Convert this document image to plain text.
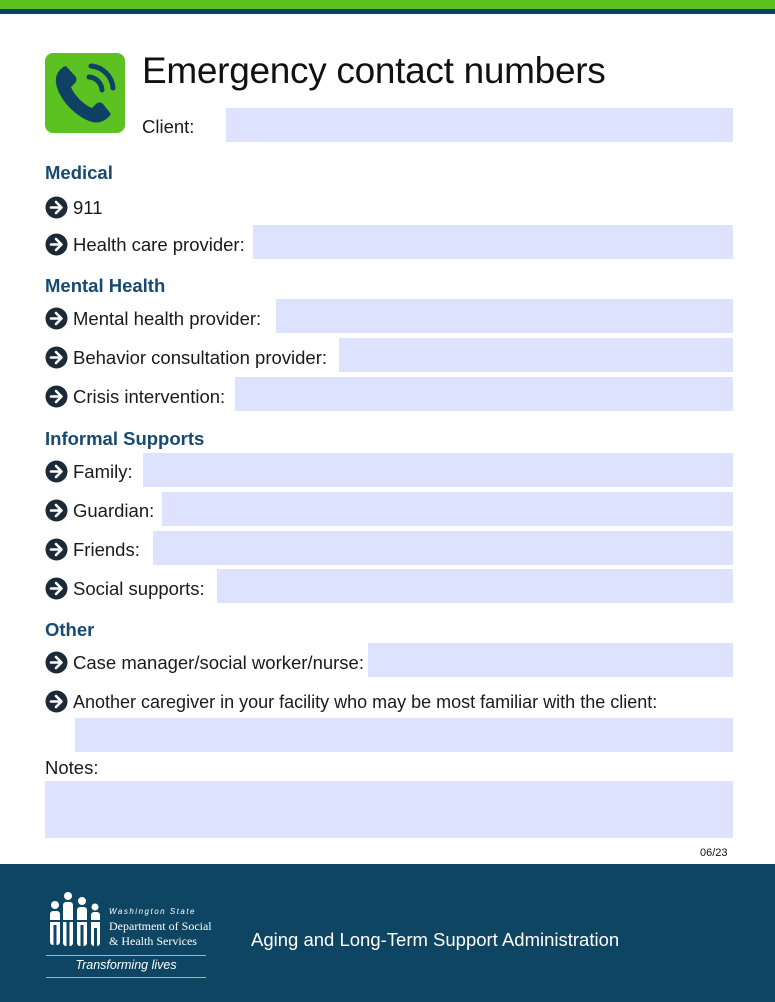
Emergency contact numbers
Client:
Medical
911
Health care provider:
Mental Health
Mental health provider:
Behavior consultation provider:
Crisis intervention:
Informal Supports
Family:
Guardian:
Friends:
Social supports:
Other
Case manager/social worker/nurse:
Another caregiver in your facility who may be most familiar with the client:
Notes:
06/23
Washington State
Department of Social
& Health Services
Transforming lives
Aging and Long-Term Support Administration
